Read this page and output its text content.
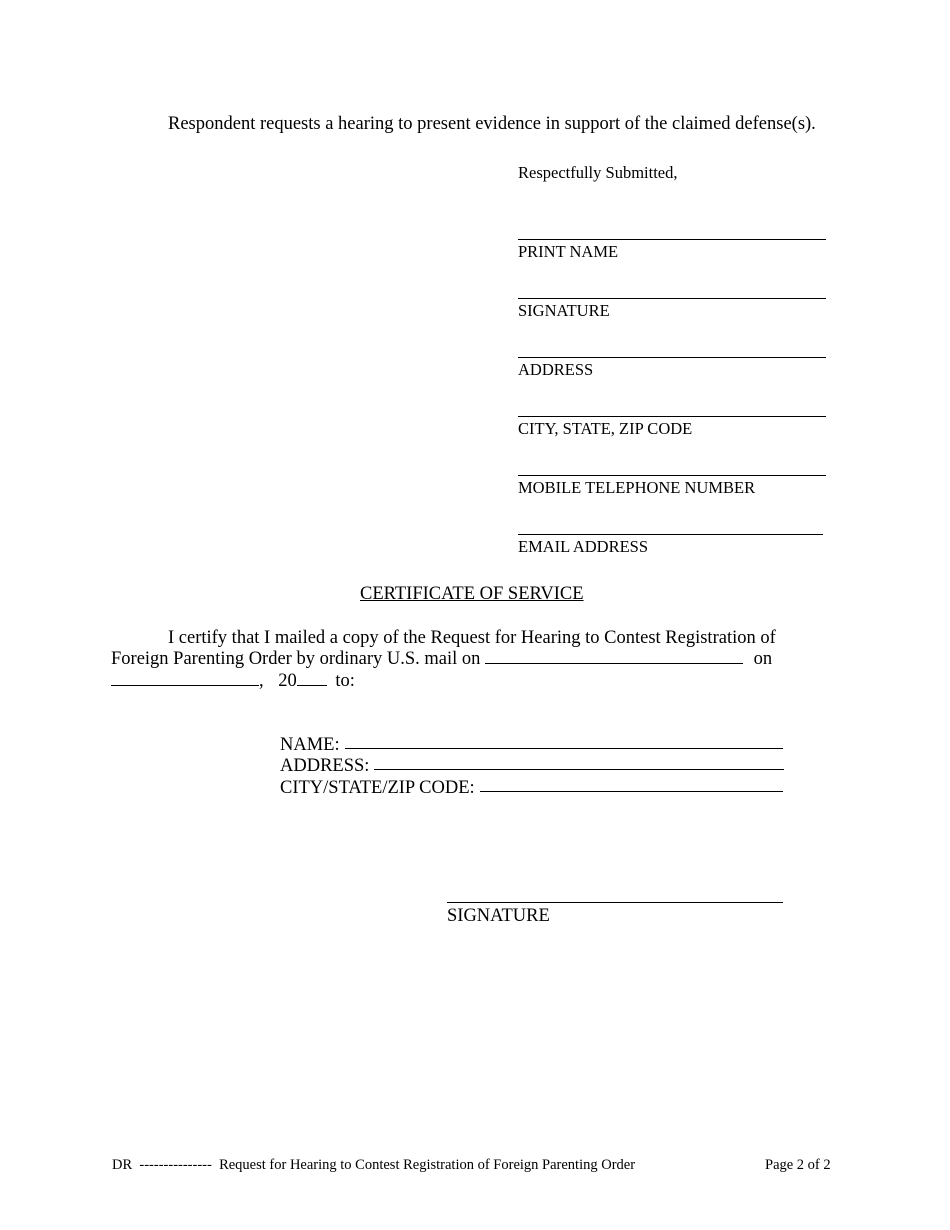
Respondent requests a hearing to present evidence in support of the claimed defense(s).
Respectfully Submitted,
PRINT NAME
SIGNATURE
ADDRESS
CITY, STATE, ZIP CODE
MOBILE TELEPHONE NUMBER
EMAIL ADDRESS
CERTIFICATE OF SERVICE
I certify that I mailed a copy of the Request for Hearing to Contest Registration of
Foreign Parenting Order by ordinary U.S. mail on	on
, 20 to:
NAME:
ADDRESS:
CITY/STATE/ZIP CODE:
SIGNATURE
DR  ---------------  Request for Hearing to Contest Registration of Foreign Parenting Order	Page 2 of 2
